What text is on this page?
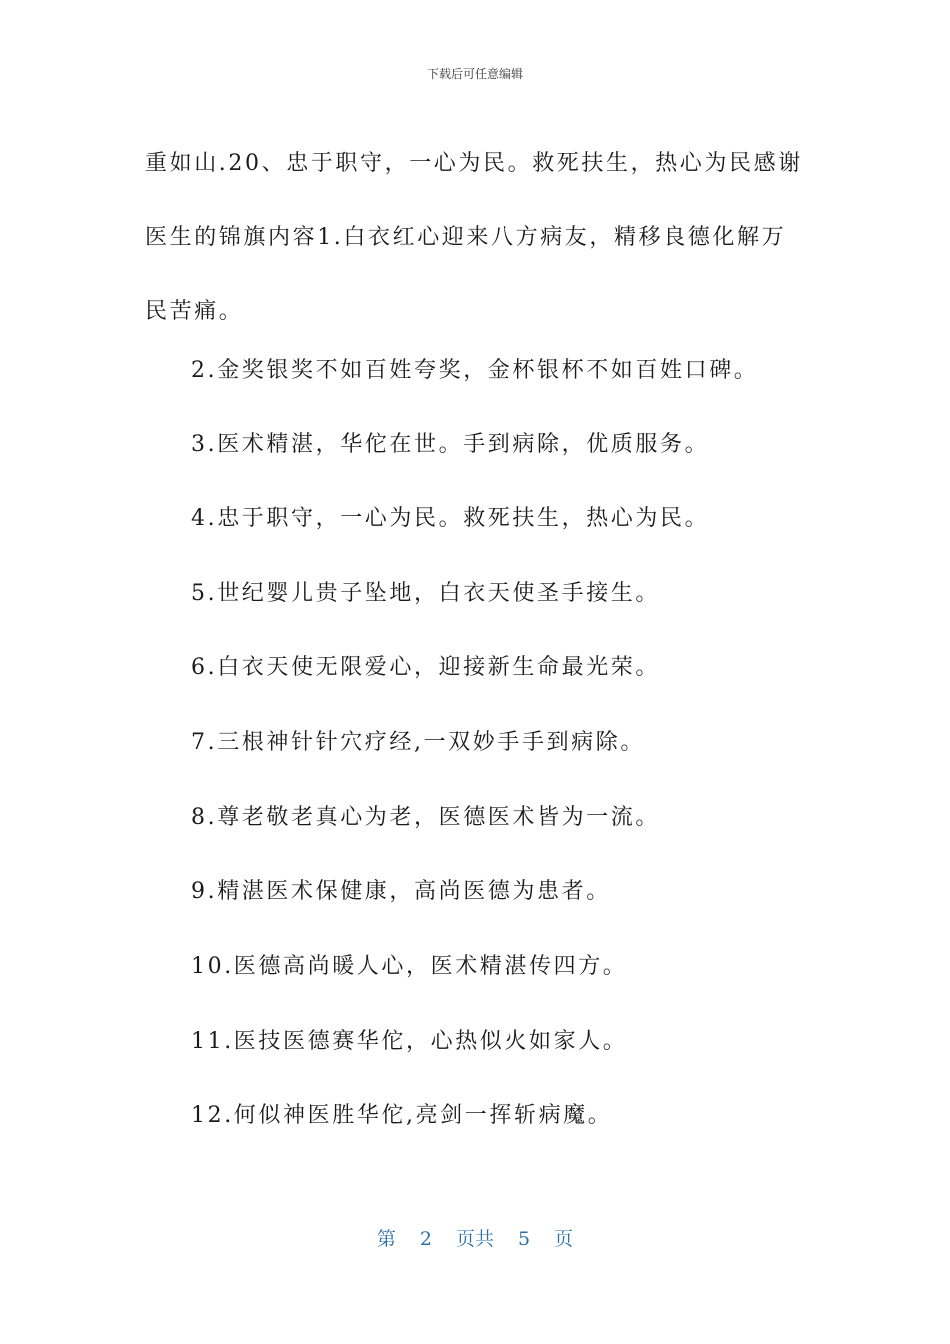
下载后可任意编辑

重如山.20、忠于职守，一心为民。救死扶生，热心为民感谢医生的锦旗内容1.白衣红心迎来八方病友，精移良德化解万民苦痛。

2.金奖银奖不如百姓夸奖，金杯银杯不如百姓口碑。
3.医术精湛，华佗在世。手到病除，优质服务。
4.忠于职守，一心为民。救死扶生，热心为民。
5.世纪婴儿贵子坠地，白衣天使圣手接生。
6.白衣天使无限爱心，迎接新生命最光荣。
7.三根神针针穴疗经,一双妙手手到病除。
8.尊老敬老真心为老，医德医术皆为一流。
9.精湛医术保健康，高尚医德为患者。
10.医德高尚暖人心，医术精湛传四方。
11.医技医德赛华佗，心热似火如家人。
12.何似神医胜华佗,亮剑一挥斩病魔。
第 2 页共 5 页
